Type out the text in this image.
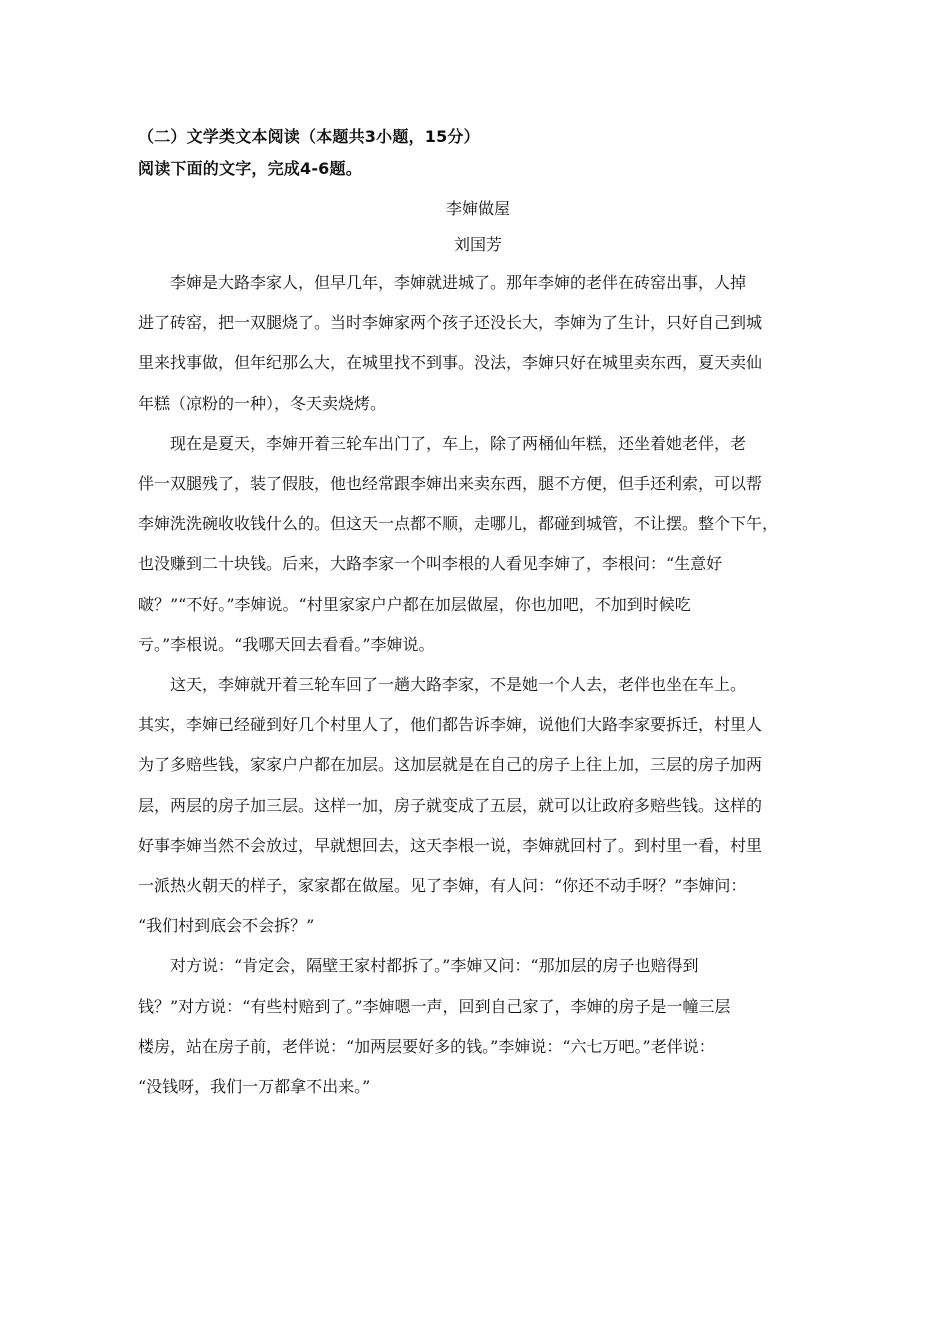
（二）文学类文本阅读（本题共3小题，15分）
阅读下面的文字，完成4-6题。
李婶做屋
刘国芳

李婶是大路李家人，但早几年，李婶就进城了。那年李婶的老伴在砖窑出事，人掉
进了砖窑，把一双腿烧了。当时李婶家两个孩子还没长大，李婶为了生计，只好自己到城
里来找事做，但年纪那么大，在城里找不到事。没法，李婶只好在城里卖东西，夏天卖仙
年糕（凉粉的一种），冬天卖烧烤。

现在是夏天，李婶开着三轮车出门了，车上，除了两桶仙年糕，还坐着她老伴，老
伴一双腿残了，装了假肢，他也经常跟李婶出来卖东西，腿不方便，但手还利索，可以帮
李婶洗洗碗收收钱什么的。但这天一点都不顺，走哪儿，都碰到城管，不让摆。整个下午，
也没赚到二十块钱。后来，大路李家一个叫李根的人看见李婶了，李根问：“生意好
啵？”“不好。”李婶说。“村里家家户户都在加层做屋，你也加吧，不加到时候吃
亏。”李根说。“我哪天回去看看。”李婶说。

这天，李婶就开着三轮车回了一趟大路李家，不是她一个人去，老伴也坐在车上。
其实，李婶已经碰到好几个村里人了，他们都告诉李婶，说他们大路李家要拆迁，村里人
为了多赔些钱，家家户户都在加层。这加层就是在自己的房子上往上加，三层的房子加两
层，两层的房子加三层。这样一加，房子就变成了五层，就可以让政府多赔些钱。这样的
好事李婶当然不会放过，早就想回去，这天李根一说，李婶就回村了。到村里一看，村里
一派热火朝天的样子，家家都在做屋。见了李婶，有人问：“你还不动手呀？”李婶问：
“我们村到底会不会拆？”

对方说：“肯定会，隔壁王家村都拆了。”李婶又问：“那加层的房子也赔得到
钱？”对方说：“有些村赔到了。”李婶嗯一声，回到自己家了，李婶的房子是一幢三层
楼房，站在房子前，老伴说：“加两层要好多的钱。”李婶说：“六七万吧。”老伴说：
“没钱呀，我们一万都拿不出来。”
